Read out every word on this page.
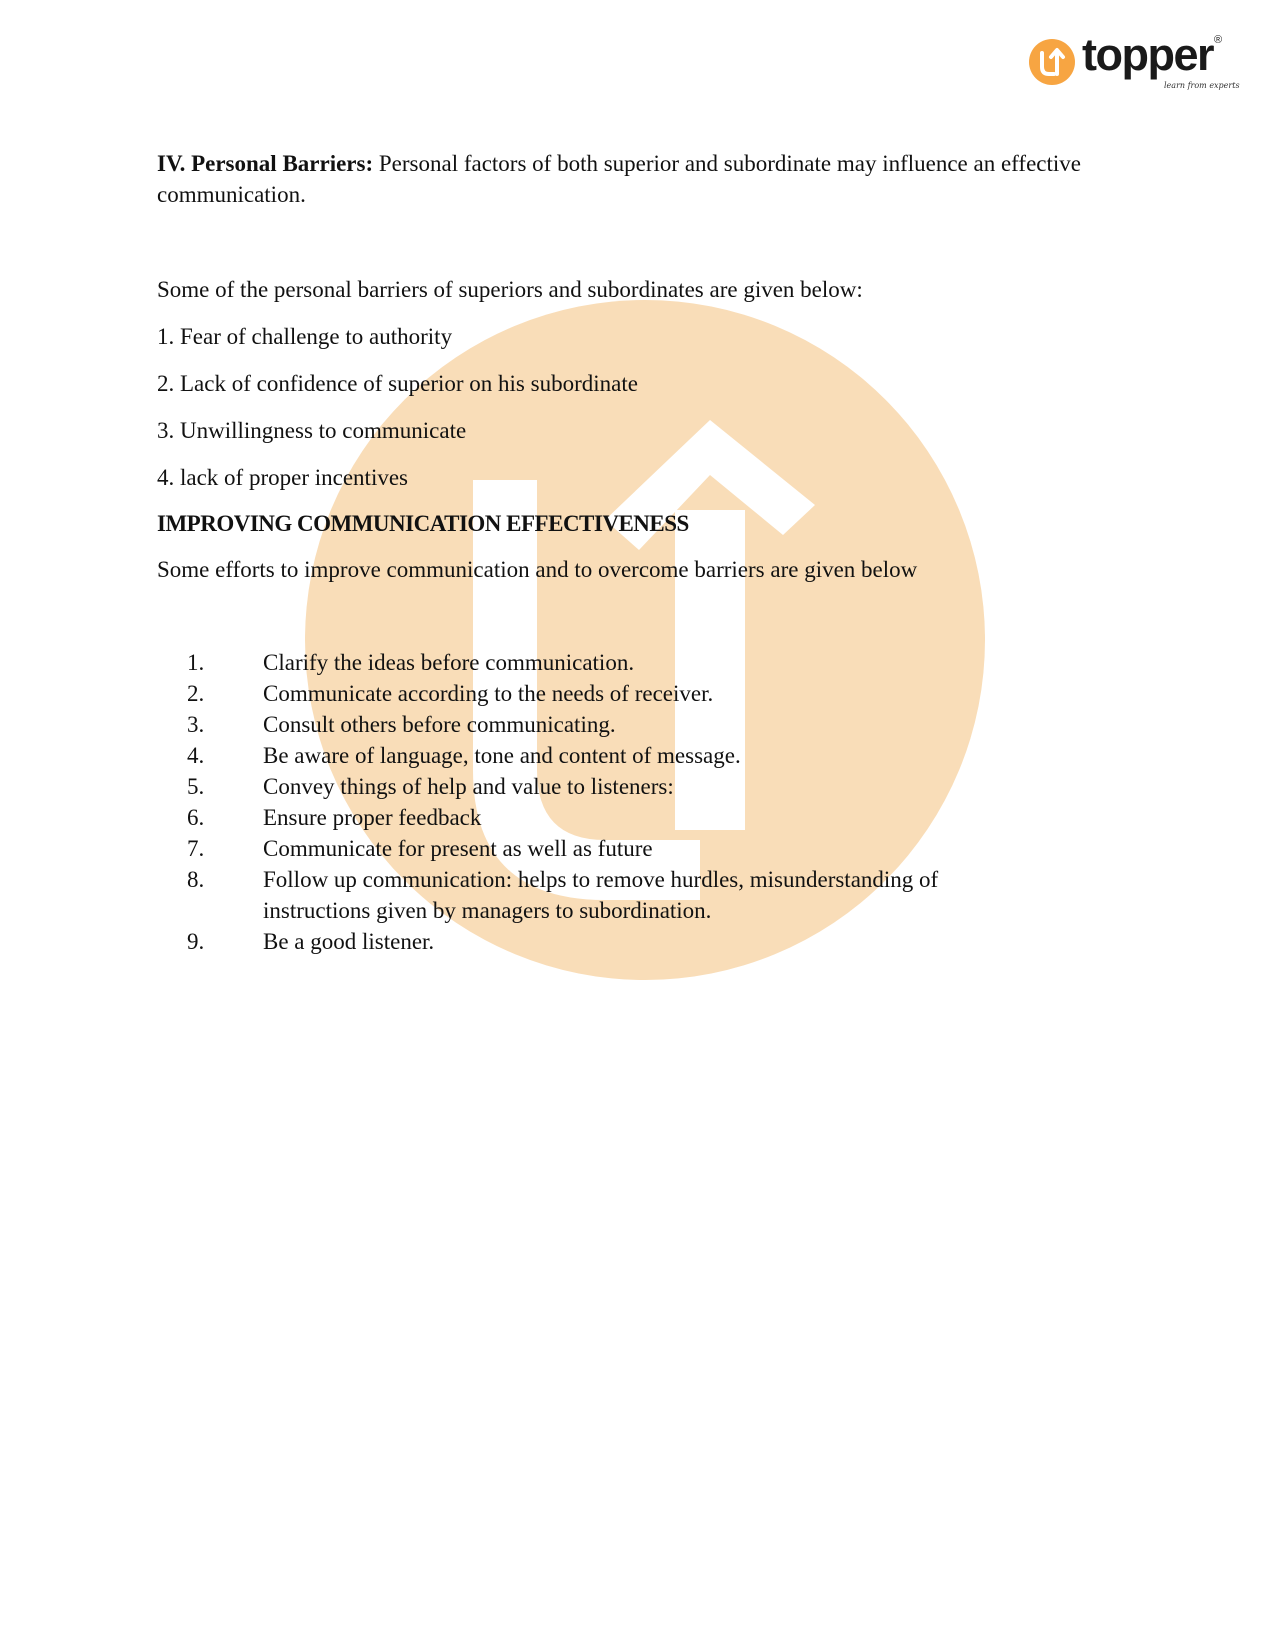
topper ®
learn from experts

IV. Personal Barriers: Personal factors of both superior and subordinate may influence an effective communication.

Some of the personal barriers of superiors and subordinates are given below:

1. Fear of challenge to authority
2. Lack of confidence of superior on his subordinate
3. Unwillingness to communicate
4. lack of proper incentives

IMPROVING COMMUNICATION EFFECTIVENESS

Some efforts to improve communication and to overcome barriers are given below

1.	Clarify the ideas before communication.
2.	Communicate according to the needs of receiver.
3.	Consult others before communicating.
4.	Be aware of language, tone and content of message.
5.	Convey things of help and value to listeners:
6.	Ensure proper feedback
7.	Communicate for present as well as future
8.	Follow up communication: helps to remove hurdles, misunderstanding of instructions given by managers to subordination.
9.	Be a good listener.
